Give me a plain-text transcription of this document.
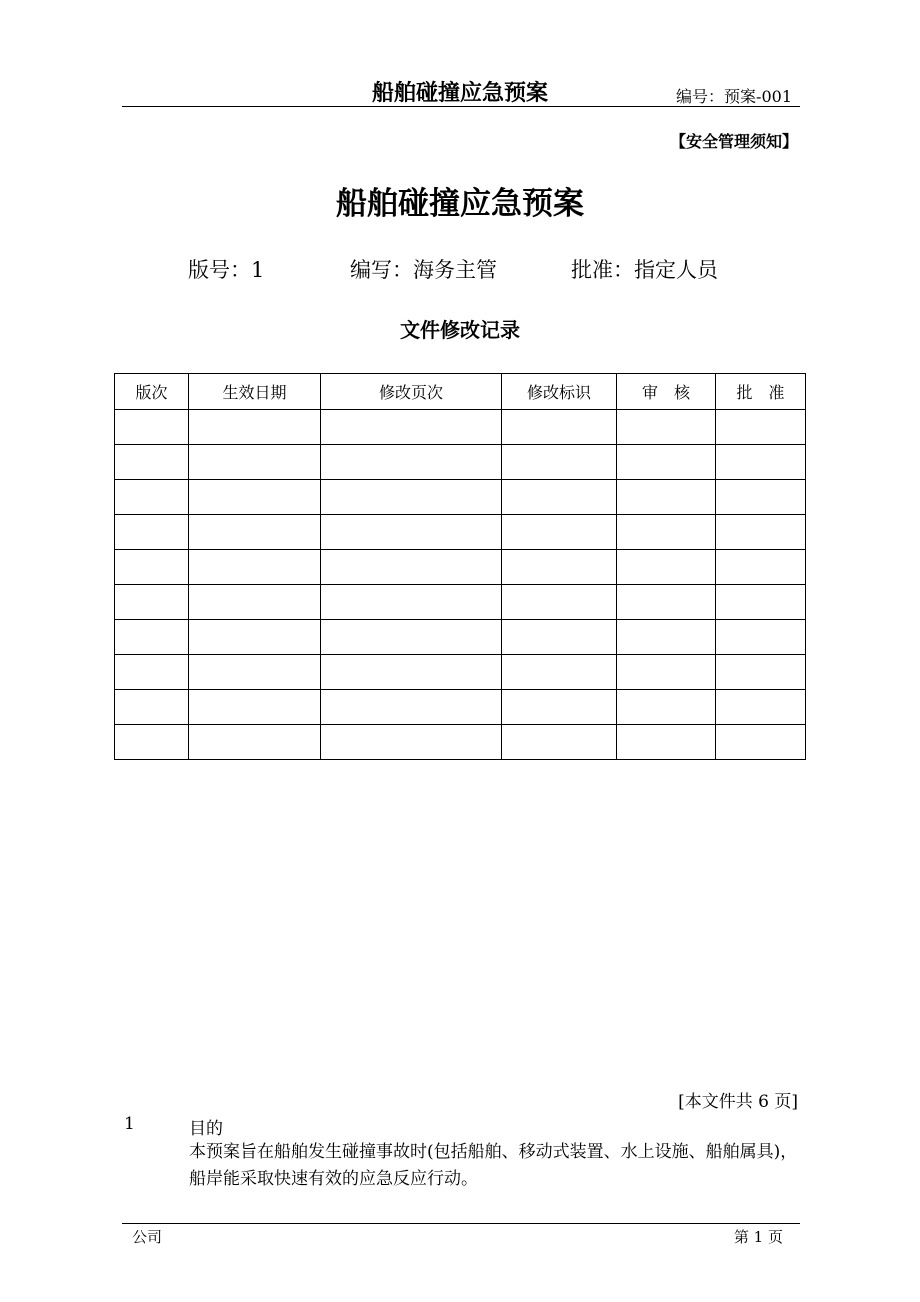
船舶碰撞应急预案	编号：预案-001
【安全管理须知】
船舶碰撞应急预案
版号：1	编写：海务主管	批准：指定人员
文件修改记录
版次	生效日期	修改页次	修改标识	审　核	批　准

[本文件共 6 页]
1	目的
本预案旨在船舶发生碰撞事故时(包括船舶、移动式装置、水上设施、船舶属具)，船岸能采取快速有效的应急反应行动。
公司	第 1 页
